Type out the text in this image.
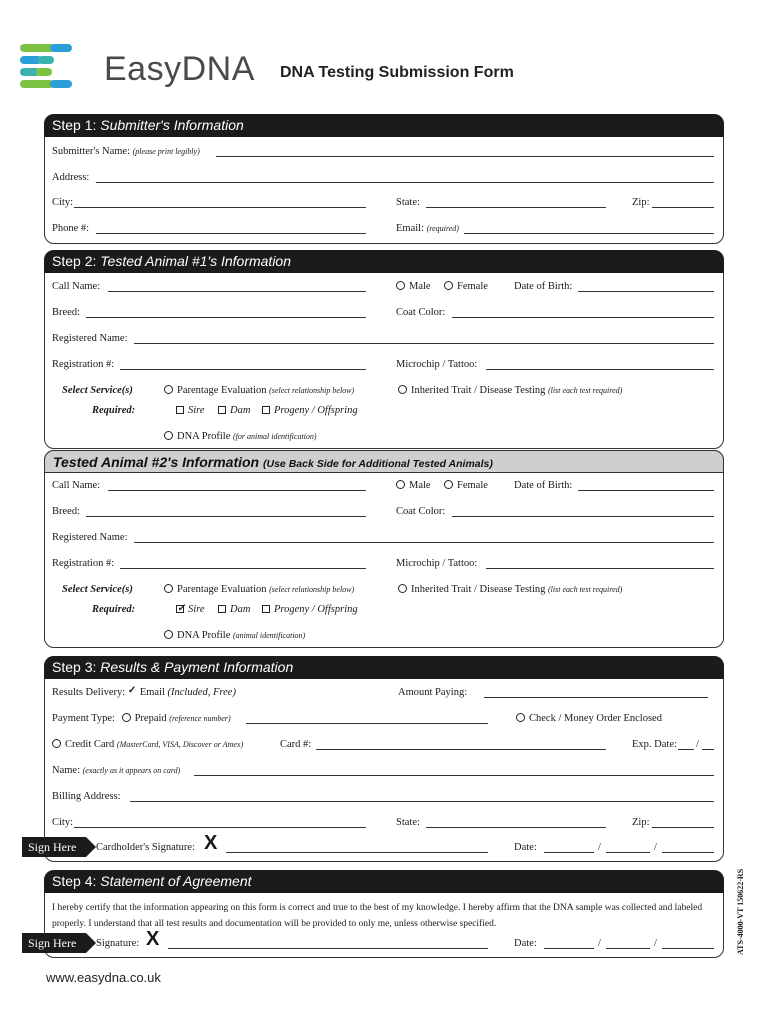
EasyDNA DNA Testing Submission Form
Step 1: Submitter's Information
Submitter's Name: (please print legibly)
Address:
City:	State:	Zip:
Phone #:	Email: (required)
Step 2: Tested Animal #1's Information
Call Name:	Male	Female Date of Birth:
Breed:	Coat Color:
Registered Name:
Registration #:	Microchip / Tattoo:
Select Service(s)	Parentage Evaluation (select relationship below)	Inherited Trait / Disease Testing (list each test required)
Required:	Sire	Dam	Progeny / Offspring
DNA Profile (for animal identification)
Tested Animal #2's Information (Use Back Side for Additional Tested Animals)
Call Name:	Male	Female Date of Birth:
Breed:	Coat Color:
Registered Name:
Registration #:	Microchip / Tattoo:
Select Service(s)	Parentage Evaluation (select relationship below)	Inherited Trait / Disease Testing (list each test required)
Required: ✓	Sire	Dam	Progeny / Offspring
DNA Profile (animal identification)
Step 3: Results & Payment Information
Results Delivery: ✓ Email (Included, Free)	Amount Paying:
Payment Type: Prepaid (reference number)	Check / Money Order Enclosed
Credit Card (MasterCard, VISA, Discover or Amex)	Card #:	Exp. Date: /
Name: (exactly as it appears on card)
Billing Address:
City:	State:	Zip:
Sign Here	Cardholder's Signature: X	Date:	/	/
Step 4: Statement of Agreement
I hereby certify that the information appearing on this form is correct and true to the best of my knowledge. I hereby affirm that the DNA sample was collected and labeled properly. I understand that all test results and documentation will be provided to only me, unless otherwise specified.
Sign Here	Signature: X	Date:	/	/	ATS-4000-VT 150622-RS
www.easydna.co.uk
